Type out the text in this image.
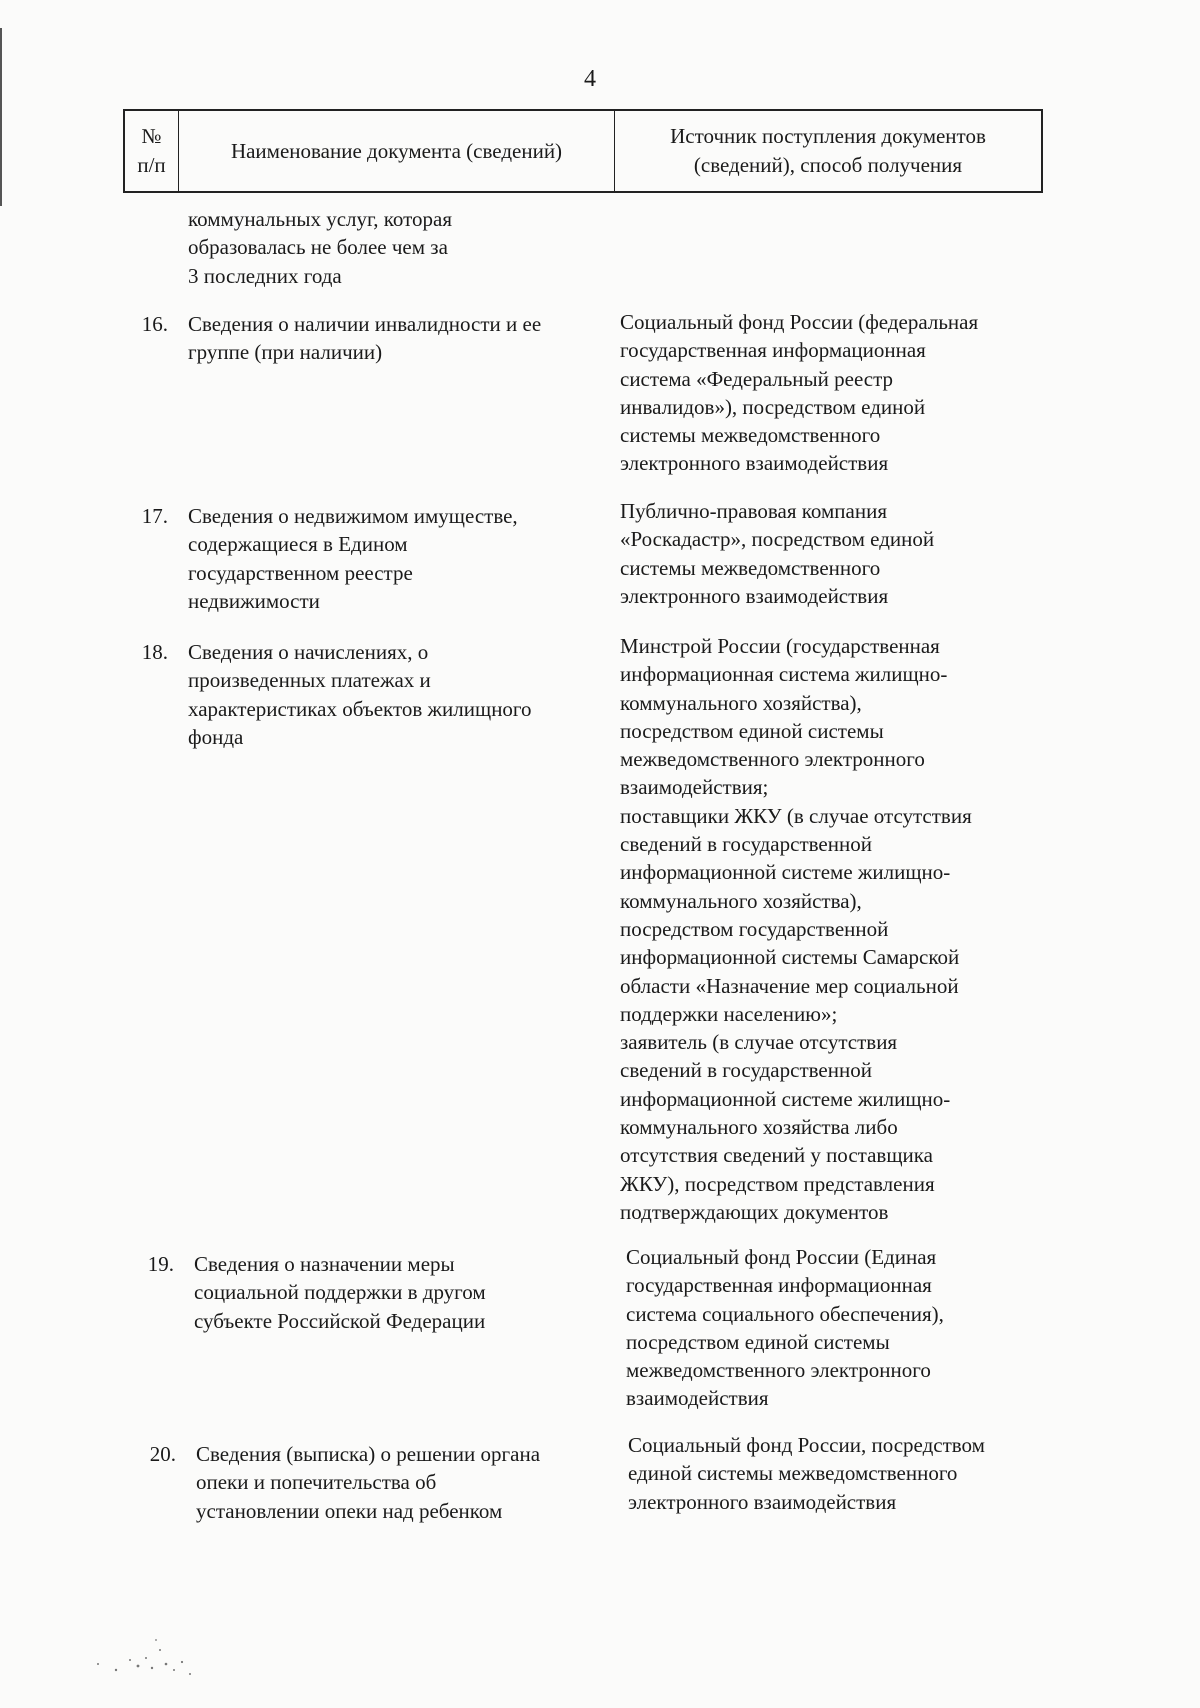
4
№
п/п
Наименование документа (сведений)
Источник поступления документов
(сведений), способ получения
коммунальных услуг, которая
образовалась не более чем за
3 последних года
16. Сведения о наличии инвалидности и ее
группе (при наличии)
Социальный фонд России (федеральная
государственная информационная
система «Федеральный реестр
инвалидов»), посредством единой
системы межведомственного
электронного взаимодействия
17. Сведения о недвижимом имуществе,
содержащиеся в Едином
государственном реестре
недвижимости
Публично-правовая компания
«Роскадастр», посредством единой
системы межведомственного
электронного взаимодействия
18. Сведения о начислениях, о
произведенных платежах и
характеристиках объектов жилищного
фонда
Минстрой России (государственная
информационная система жилищно-
коммунального хозяйства),
посредством единой системы
межведомственного электронного
взаимодействия;
поставщики ЖКУ (в случае отсутствия
сведений в государственной
информационной системе жилищно-
коммунального хозяйства),
посредством государственной
информационной системы Самарской
области «Назначение мер социальной
поддержки населению»;
заявитель (в случае отсутствия
сведений в государственной
информационной системе жилищно-
коммунального хозяйства либо
отсутствия сведений у поставщика
ЖКУ), посредством представления
подтверждающих документов
19. Сведения о назначении меры
социальной поддержки в другом
субъекте Российской Федерации
Социальный фонд России (Единая
государственная информационная
система социального обеспечения),
посредством единой системы
межведомственного электронного
взаимодействия
20. Сведения (выписка) о решении органа
опеки и попечительства об
установлении опеки над ребенком
Социальный фонд России, посредством
единой системы межведомственного
электронного взаимодействия
